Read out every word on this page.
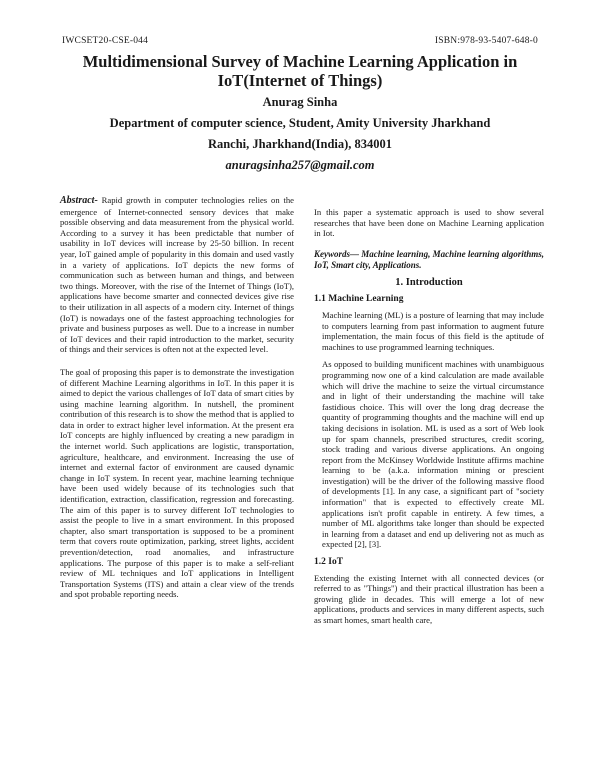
IWCSET20-CSE-044	ISBN:978-93-5407-648-0
Multidimensional Survey of Machine Learning Application in IoT(Internet of Things)
Anurag Sinha
Department of computer science, Student, Amity University Jharkhand
Ranchi, Jharkhand(India), 834001
anuragsinha257@gmail.com

Abstract- Rapid growth in computer technologies relies on the emergence of Internet-connected sensory devices that make possible observing and data measurement from the physical world. According to a survey it has been predictable that number of usability in IoT devices will increase by 25-50 billion. In recent year, IoT gained ample of popularity in this domain and used vastly in a variety of applications. IoT depicts the new forms of communication such as between human and things, and between two things. Moreover, with the rise of the Internet of Things (IoT), applications have become smarter and connected devices give rise to their utilization in all aspects of a modern city. Internet of things (IoT) is nowadays one of the fastest approaching technologies for private and business purposes as well. Due to a increase in number of IoT devices and their rapid introduction to the market, security of things and their services is often not at the expected level.

The goal of proposing this paper is to demonstrate the investigation of different Machine Learning algorithms in IoT. In this paper it is aimed to depict the various challenges of IoT data of smart cities by using machine learning algorithm. In nutshell, the prominent contribution of this research is to show the method that is applied to data in order to extract higher level information. At the present era IoT concepts are highly influenced by creating a new paradigm in the internet world. Such applications are logistic, transportation, agriculture, healthcare, and environment. Increasing the use of internet and external factor of environment are caused dynamic change in IoT system. In recent year, machine learning technique have been used widely because of its technologies such that identification, extraction, classification, regression and forecasting. The aim of this paper is to survey different IoT technologies to assist the people to live in a smart environment. In this proposed chapter, also smart transportation is supposed to be a prominent term that covers route optimization, parking, street lights, accident prevention/detection, road anomalies, and infrastructure applications. The purpose of this paper is to make a self-reliant review of ML techniques and IoT applications in Intelligent Transportation Systems (ITS) and attain a clear view of the trends and spot probable reporting needs.

In this paper a systematic approach is used to show several researches that have been done on Machine Learning application in Iot.

Keywords— Machine learning, Machine learning algorithms, IoT, Smart city, Applications.

1. Introduction

1.1 Machine Learning

Machine learning (ML) is a posture of learning that may include to computers learning from past information to augment future implementation, the main focus of this field is the aptitude of machines to use programmed learning techniques.

As opposed to building munificent machines with unambiguous programming now one of a kind calculation are made available which will drive the machine to seize the virtual circumstance and in light of their understanding the machine will take fastidious choice. This will over the long drag decrease the quantity of programming thoughts and the machine will end up taking decisions in isolation. ML is used as a sort of Web look up for spam channels, prescribed structures, credit scoring, stock trading and various diverse applications. An ongoing report from the McKinsey Worldwide Institute affirms machine learning to be (a.k.a. information mining or prescient investigation) will be the driver of the following massive flood of developments [1]. In any case, a significant part of "society information" that is expected to effectively create ML applications isn't profit capable in entirety. A few times, a number of ML algorithms take longer than should be expected in learning from a dataset and end up delivering not as much as expected [2], [3].

1.2 IoT

Extending the existing Internet with all connected devices (or referred to as "Things") and their practical illustration has been a growing glide in decades. This will emerge a lot of new applications, products and services in many different aspects, such as smart homes, smart health care,
